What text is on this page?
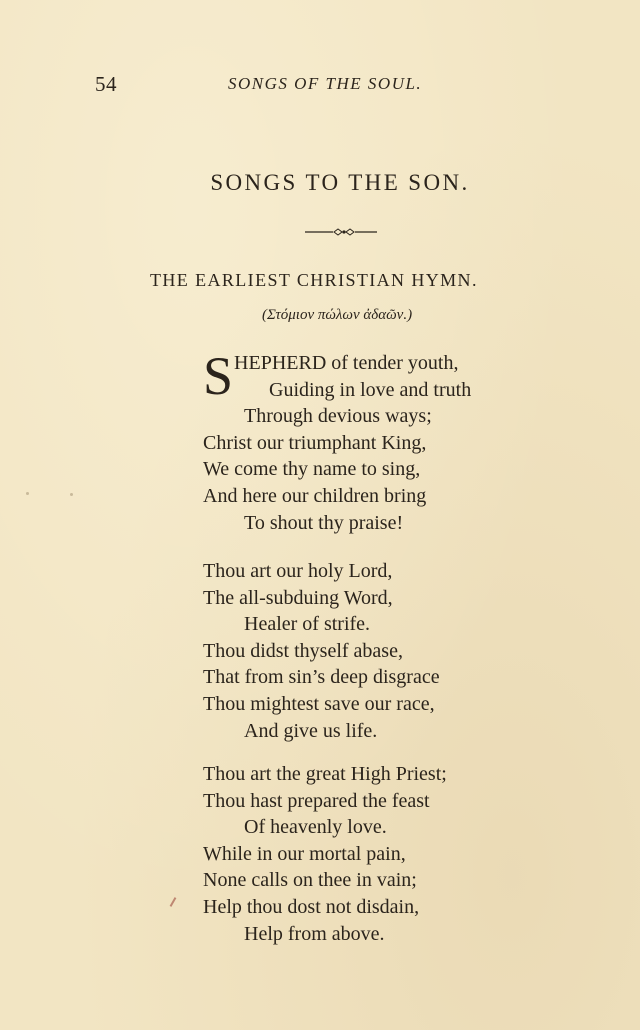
54	SONGS OF THE SOUL.
SONGS TO THE SON.
THE EARLIEST CHRISTIAN HYMN.
(Στόμιον πώλων ἀδαῶν.)
S HEPHERD of tender youth,
Guiding in love and truth
Through devious ways;
Christ our triumphant King,
We come thy name to sing,
And here our children bring
To shout thy praise!
Thou art our holy Lord,
The all-subduing Word,
Healer of strife.
Thou didst thyself abase,
That from sin’s deep disgrace
Thou mightest save our race,
And give us life.
Thou art the great High Priest;
Thou hast prepared the feast
Of heavenly love.
While in our mortal pain,
None calls on thee in vain;
Help thou dost not disdain,
Help from above.
